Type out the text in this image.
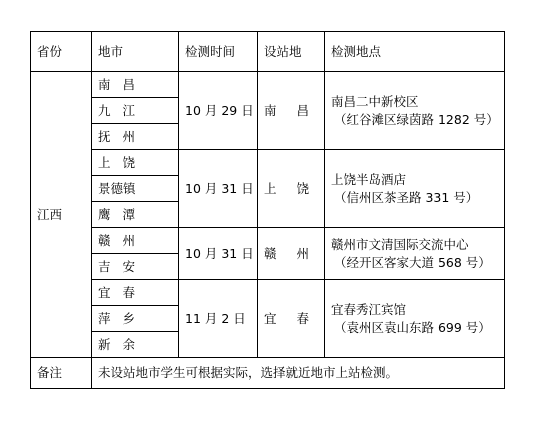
省份	地市	检测时间	设站地	检测地点
江西	南昌	10 月 29 日	南昌	南昌二中新校区
（红谷滩区绿茵路 1282 号）

	九江			
	抚州			
	上饶	10 月 31 日	上饶	上饶半岛酒店
（信州区茶圣路 331 号）

	景德镇			
	鹰潭			
	赣州	10 月 31 日	赣州	赣州市文清国际交流中心
（经开区客家大道 568 号）

	吉安			
	宜春	11 月 2 日	宜春	宜春秀江宾馆
（袁州区袁山东路 699 号）

	萍乡			
	新余			
备注	未设站地市学生可根据实际，选择就近地市上站检测。			
